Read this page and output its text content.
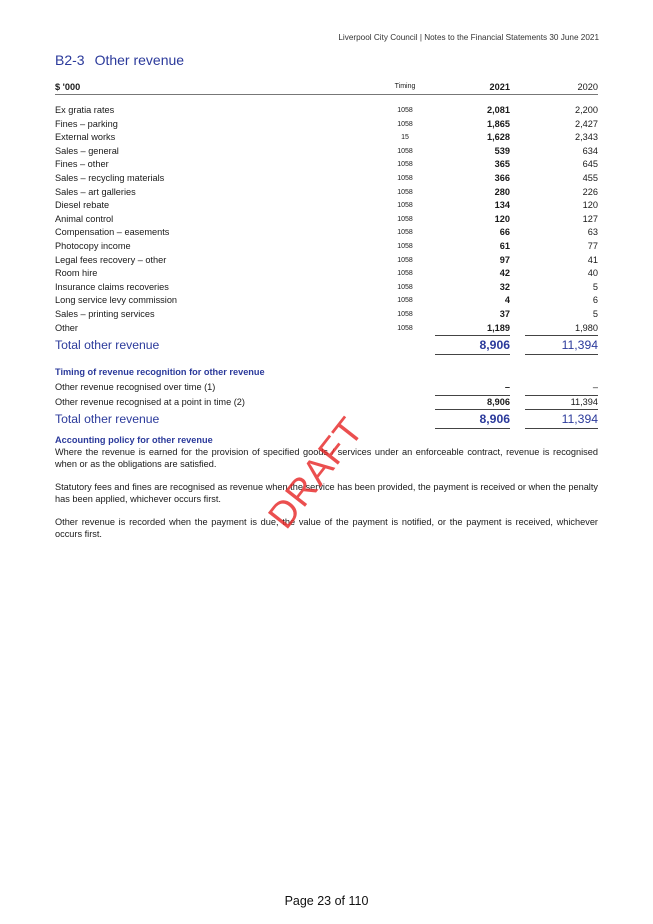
Liverpool City Council | Notes to the Financial Statements 30 June 2021
B2-3 Other revenue
$ '000	Timing	2021		2020

Ex gratia rates	1058	2,081		2,200
Fines – parking	1058	1,865		2,427
External works	15	1,628		2,343
Sales – general	1058	539		634
Fines – other	1058	365		645
Sales – recycling materials	1058	366		455
Sales – art galleries	1058	280		226
Diesel rebate	1058	134		120
Animal control	1058	120		127
Compensation – easements	1058	66		63
Photocopy income	1058	61		77
Legal fees recovery – other	1058	97		41
Room hire	1058	42		40
Insurance claims recoveries	1058	32		5
Long service levy commission	1058	4		6
Sales – printing services	1058	37		5
Other	1058	1,189		1,980
Total other revenue		8,906		11,394
Timing of revenue recognition for other revenue
Other revenue recognised over time (1)		–		–
Other revenue recognised at a point in time (2)		8,906		11,394
Total other revenue		8,906		11,394
Accounting policy for other revenue
Where the revenue is earned for the provision of specified goods / services under an enforceable contract, revenue is recognised when or as the obligations are satisfied.
Statutory fees and fines are recognised as revenue when the service has been provided, the payment is received or when the penalty has been applied, whichever occurs first.
Other revenue is recorded when the payment is due, the value of the payment is notified, or the payment is received, whichever occurs first.	DRAFT
Page 23 of 110
